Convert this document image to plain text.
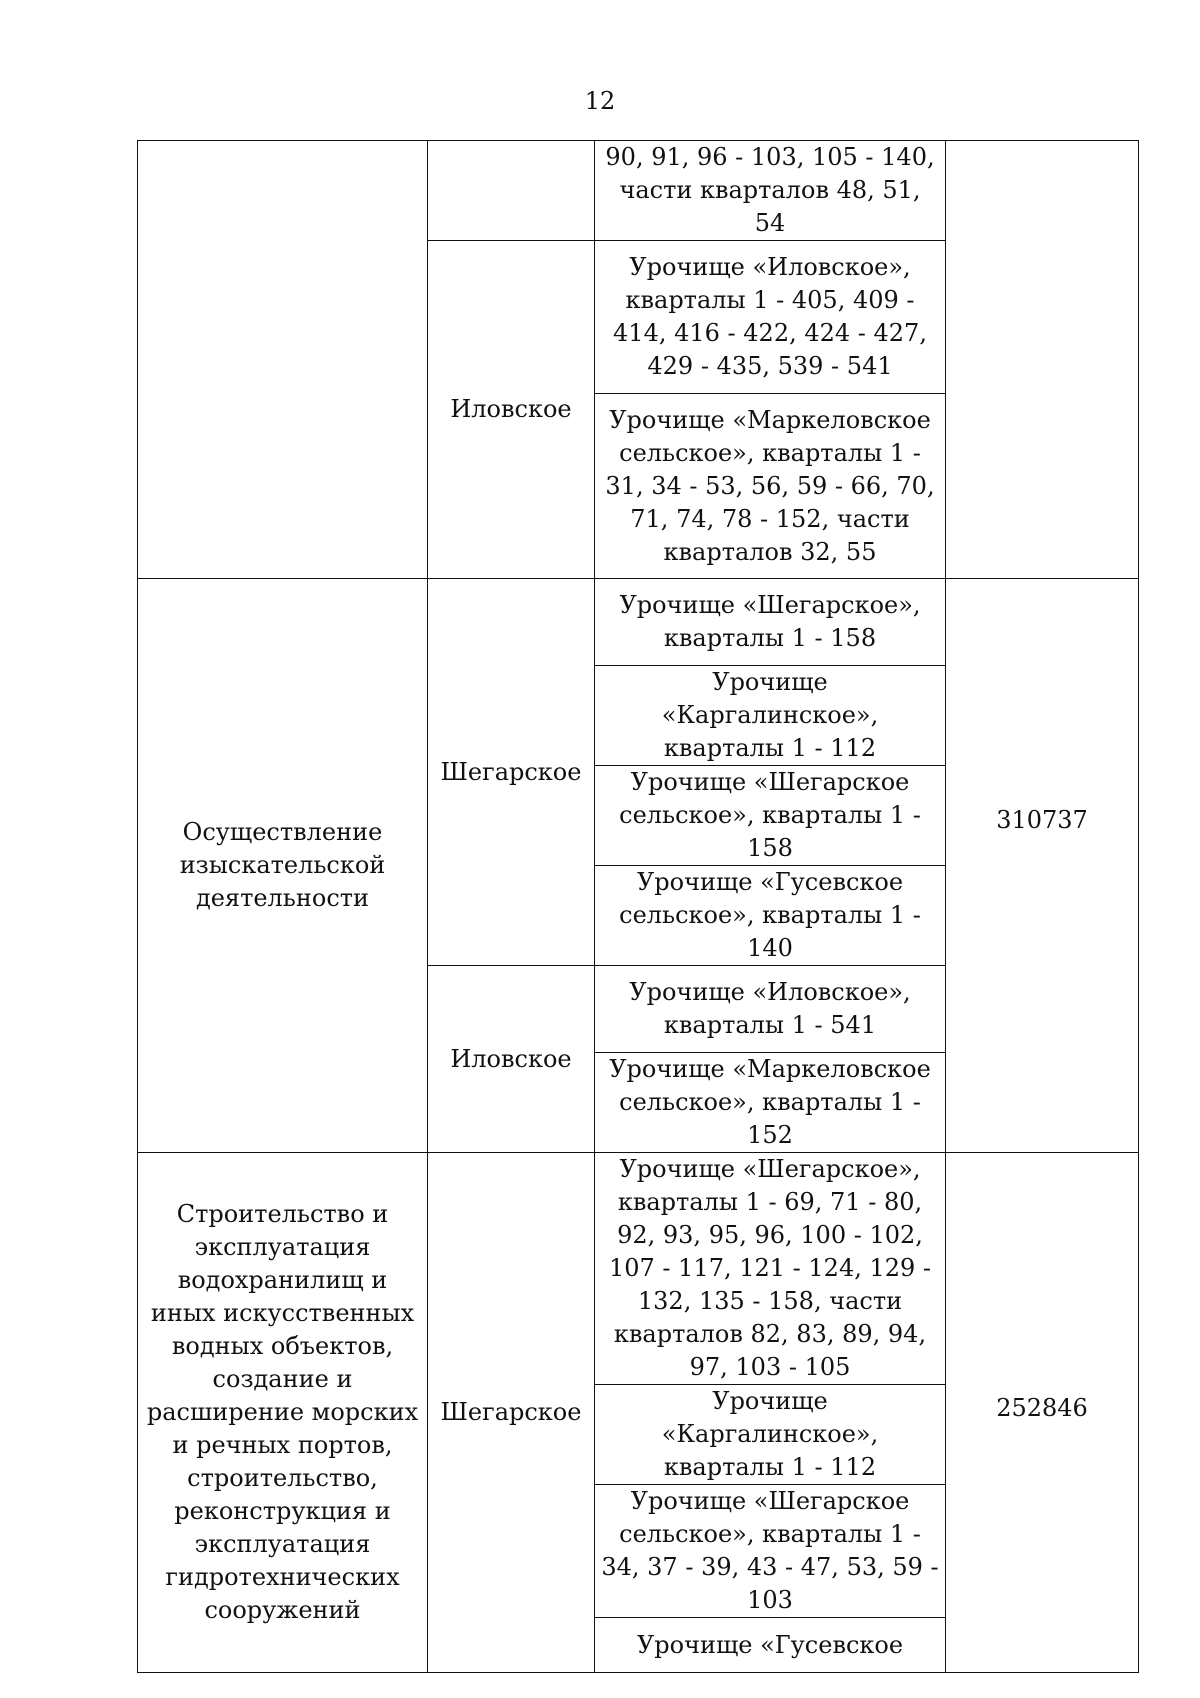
12
		90, 91, 96 - 103, 105 - 140, части кварталов 48, 51, 54	
	Иловское	Урочище «Иловское», кварталы 1 - 405, 409 - 414, 416 - 422, 424 - 427, 429 - 435, 539 - 541	
		Урочище «Маркеловское сельское», кварталы 1 - 31, 34 - 53, 56, 59 - 66, 70, 71, 74, 78 - 152, части кварталов 32, 55	
Осуществление изыскательской деятельности	Шегарское	Урочище «Шегарское», кварталы 1 - 158	310737

		Урочище «Каргалинское», кварталы 1 - 112	
		Урочище «Шегарское сельское», кварталы 1 - 158	
		Урочище «Гусевское сельское», кварталы 1 - 140	
	Иловское	Урочище «Иловское», кварталы 1 - 541	
		Урочище «Маркеловское сельское», кварталы 1 - 152	
Строительство и эксплуатация водохранилищ и иных искусственных водных объектов, создание и расширение морских и речных портов, строительство, реконструкция и эксплуатация гидротехнических сооружений	Шегарское	Урочище «Шегарское», кварталы 1 - 69, 71 - 80, 92, 93, 95, 96, 100 - 102, 107 - 117, 121 - 124, 129 - 132, 135 - 158, части кварталов 82, 83, 89, 94, 97, 103 - 105	252846

		Урочище «Каргалинское», кварталы 1 - 112	
		Урочище «Шегарское сельское», кварталы 1 - 34, 37 - 39, 43 - 47, 53, 59 - 103	
		Урочище «Гусевское	
